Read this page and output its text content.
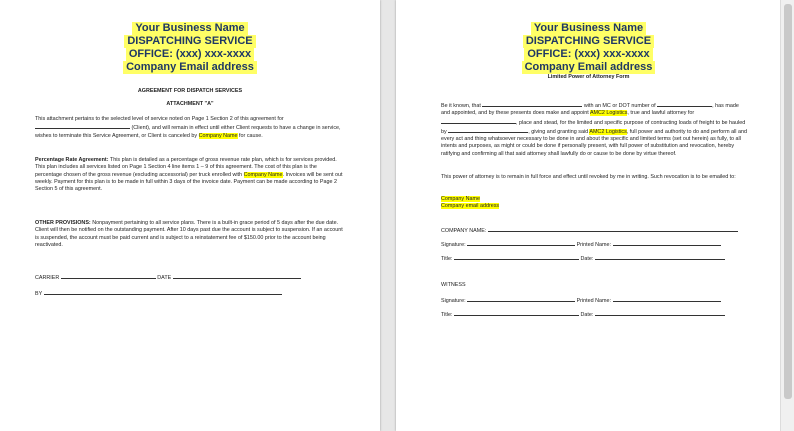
Your Business Name
DISPATCHING SERVICE
OFFICE: (xxx) xxx-xxxx
Company Email address
AGREEMENT FOR DISPATCH SERVICES
ATTACHMENT "A"

This attachment pertains to the selected level of service noted on Page 1 Section 2 of this agreement for  (Client), and will remain in effect until either Client requests to have a change in service, wishes to terminate this Service Agreement, or Client is canceled by Company Name for cause.

Percentage Rate Agreement: This plan is detailed as a percentage of gross revenue rate plan, which is for services provided. This plan includes all services listed on Page 1 Section 4 line items 1 – 9 of this agreement. The cost of this plan is the percentage chosen of the gross revenue (excluding accessorial) per truck enrolled with Company Name. Invoices will be sent out weekly. Payment for this plan is to be made in full within 3 days of the invoice date. Payment can be made according to Page 2 Section 5 of this agreement.

OTHER PROVISIONS: Nonpayment pertaining to all service plans. There is a built-in grace period of 5 days after the due date. Client will then be notified on the outstanding payment. After 10 days past due the account is subject to suspension. If an account is suspended, the account must be paid current and is subject to a reinstatement fee of $150.00 prior to the account being reactivated.

CARRIER	DATE
BY
Your Business Name
DISPATCHING SERVICE
OFFICE: (xxx) xxx-xxxx
Company Email address
Limited Power of Attorney Form

Be it known, that	with an MC or DOT number of	, has made and appointed, and by these presents does make and appoint AMC2 Logistics, true and lawful attorney for , place and stead, for the limited and specific purpose of contracting loads of freight to be hauled by	, giving and granting said AMC2 Logistics, full power and authority to do and perform all and every act and thing whatsoever necessary to be done in and about the specific and limited terms (set out herein) as fully, to all intents and purposes, as might or could be done if personally present, with full power of substitution and revocation, hereby ratifying and confirming all that said attorney shall lawfully do or cause to be done by virtue thereof.

This power of attorney is to remain in full force and effect until revoked by me in writing. Such revocation is to be emailed to:

Company Name

Company email address

COMPANY NAME:
Signature:	Printed Name:
Title:	Date:
WITNESS
Signature:	Printed Name:
Title:	Date:
